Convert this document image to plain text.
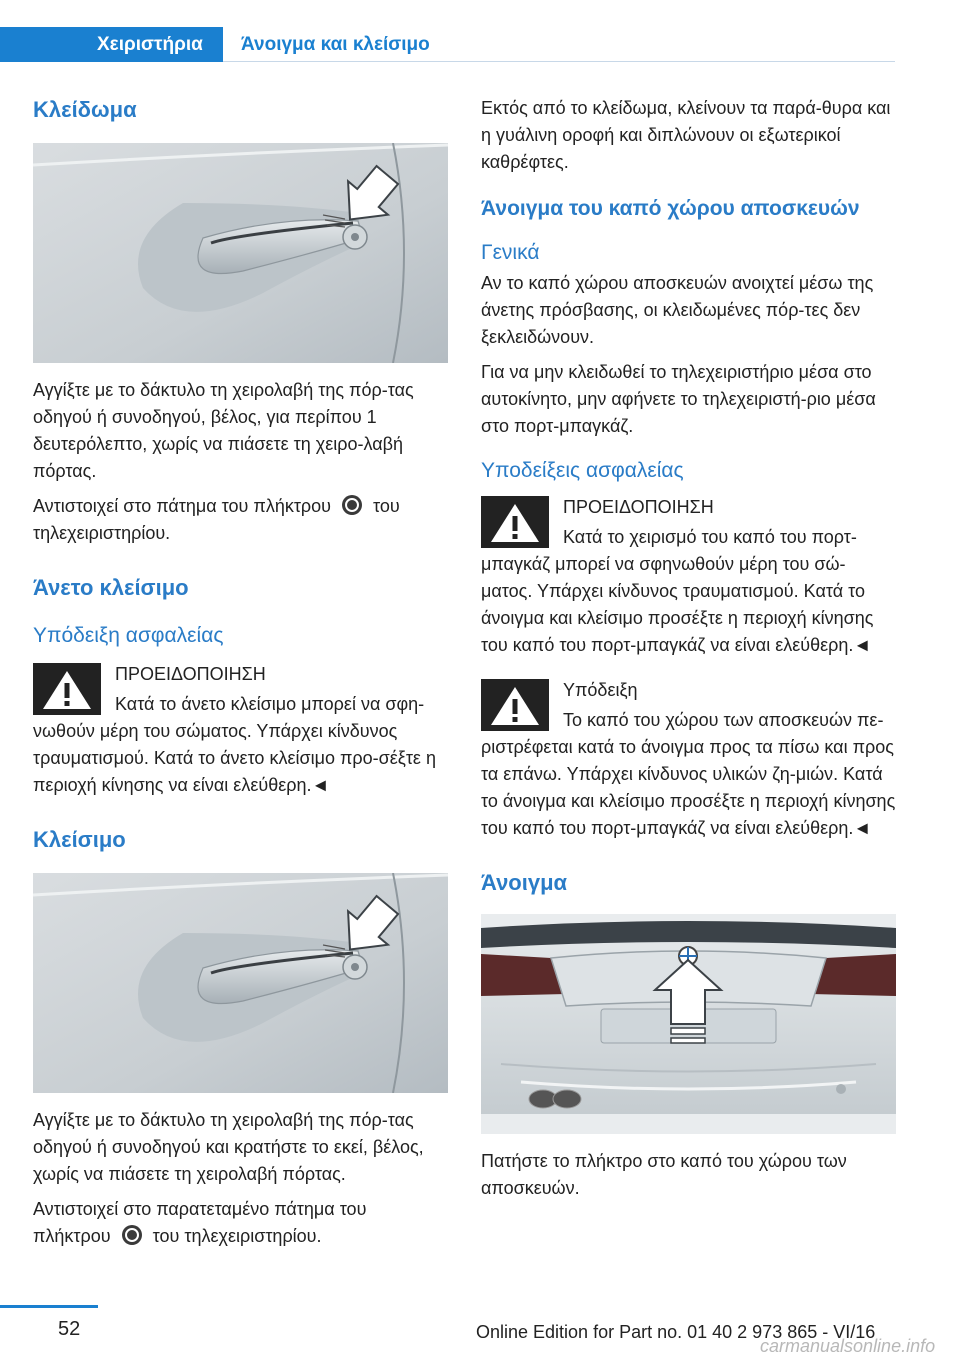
Χειριστήρια	Άνοιγμα και κλείσιμο
Κλείδωμα

Αγγίξτε με το δάκτυλο τη χειρολαβή της πόρ‐τας οδηγού ή συνοδηγού, βέλος, για περίπου 1 δευτερόλεπτο, χωρίς να πιάσετε τη χειρο‐λαβή πόρτας.

Αντιστοιχεί στο πάτημα του πλήκτρου του τηλεχειριστηρίου.

Άνετο κλείσιμο
Υπόδειξη ασφαλείας

ΠΡΟΕΙΔΟΠΟΙΗΣΗ

Κατά το άνετο κλείσιμο μπορεί να σφη‐

νωθούν μέρη του σώματος. Υπάρχει κίνδυνος τραυματισμού. Κατά το άνετο κλείσιμο προ‐σέξτε η περιοχή κίνησης να είναι ελεύθερη.◄

Κλείσιμο

Αγγίξτε με το δάκτυλο τη χειρολαβή της πόρ‐τας οδηγού ή συνοδηγού και κρατήστε το εκεί, βέλος, χωρίς να πιάσετε τη χειρολαβή πόρτας.

Αντιστοιχεί στο παρατεταμένο πάτημα του
πλήκτρου του τηλεχειριστηρίου.

Εκτός από το κλείδωμα, κλείνουν τα παρά‐θυρα και η γυάλινη οροφή και διπλώνουν οι εξωτερικοί καθρέφτες.

Άνοιγμα του καπό χώρου αποσκευών
Γενικά

Αν το καπό χώρου αποσκευών ανοιχτεί μέσω της άνετης πρόσβασης, οι κλειδωμένες πόρ‐τες δεν ξεκλειδώνουν.

Για να μην κλειδωθεί το τηλεχειριστήριο μέσα στο αυτοκίνητο, μην αφήνετε το τηλεχειριστή‐ριο μέσα στο πορτ-μπαγκάζ.

Υποδείξεις ασφαλείας

ΠΡΟΕΙΔΟΠΟΙΗΣΗ

Κατά το χειρισμό του καπό του πορτ-

μπαγκάζ μπορεί να σφηνωθούν μέρη του σώ‐ματος. Υπάρχει κίνδυνος τραυματισμού. Κατά το άνοιγμα και κλείσιμο προσέξτε η περιοχή κίνησης του καπό του πορτ-μπαγκάζ να είναι ελεύθερη.◄

Υπόδειξη

Το καπό του χώρου των αποσκευών πε‐

ριστρέφεται κατά το άνοιγμα προς τα πίσω και προς τα επάνω. Υπάρχει κίνδυνος υλικών ζη‐μιών. Κατά το άνοιγμα και κλείσιμο προσέξτε η περιοχή κίνησης του καπό του πορτ-μπαγκάζ να είναι ελεύθερη.◄

Άνοιγμα

Πατήστε το πλήκτρο στο καπό του χώρου των αποσκευών.

52	Online Edition for Part no. 01 40 2 973 865 - VI/16
carmanualsonline.info
